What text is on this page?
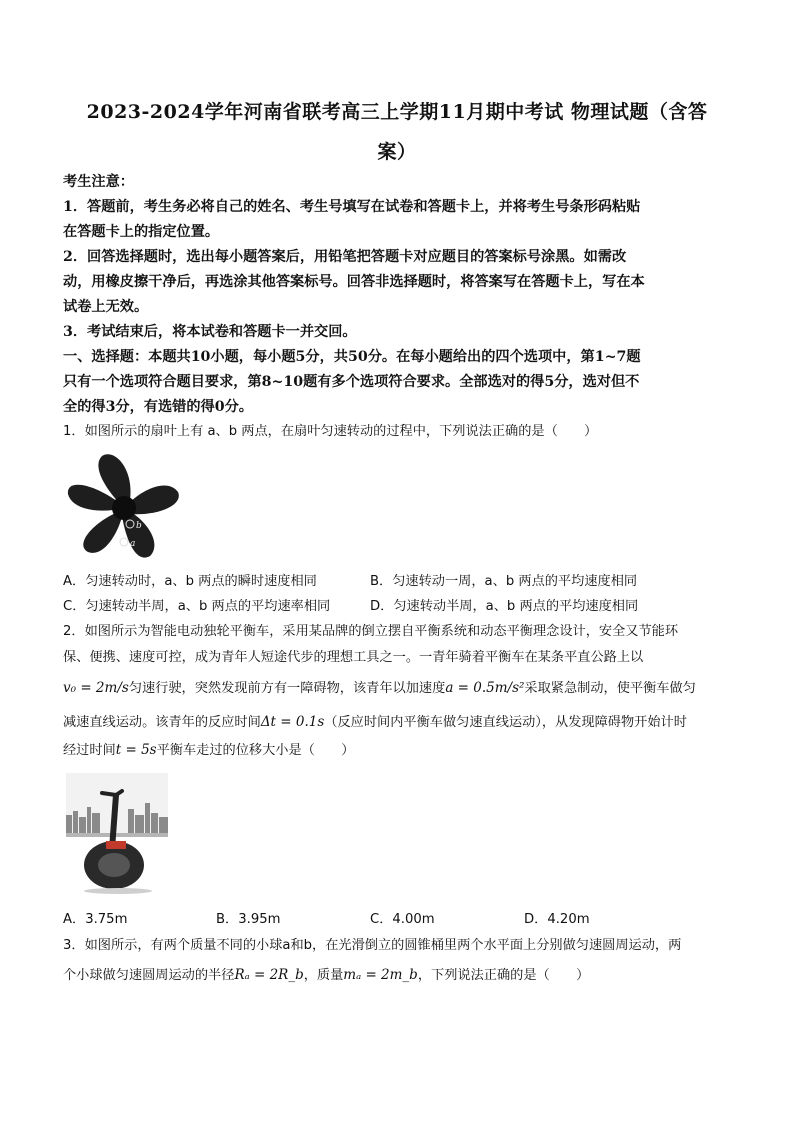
2023-2024学年河南省联考高三上学期11月期中考试 物理试题（含答
案）
考生注意：
1．答题前，考生务必将自己的姓名、考生号填写在试卷和答题卡上，并将考生号条形码粘贴
在答题卡上的指定位置。
2．回答选择题时，选出每小题答案后，用铅笔把答题卡对应题目的答案标号涂黑。如需改
动，用橡皮擦干净后，再选涂其他答案标号。回答非选择题时，将答案写在答题卡上，写在本
试卷上无效。
3．考试结束后，将本试卷和答题卡一并交回。
一、选择题：本题共10小题，每小题5分，共50分。在每小题给出的四个选项中，第1~7题
只有一个选项符合题目要求，第8~10题有多个选项符合要求。全部选对的得5分，选对但不
全的得3分，有选错的得0分。
1．如图所示的扇叶上有 a、b 两点，在扇叶匀速转动的过程中，下列说法正确的是（　　）
b
a
A．匀速转动时，a、b 两点的瞬时速度相同	B．匀速转动一周，a、b 两点的平均速度相同
C．匀速转动半周，a、b 两点的平均速率相同	D．匀速转动半周，a、b 两点的平均速度相同
2．如图所示为智能电动独轮平衡车，采用某品牌的倒立摆自平衡系统和动态平衡理念设计，安全又节能环
保、便携、速度可控，成为青年人短途代步的理想工具之一。一青年骑着平衡车在某条平直公路上以
v₀ = 2m/s匀速行驶，突然发现前方有一障碍物，该青年以加速度a = 0.5m/s²采取紧急制动，使平衡车做匀
减速直线运动。该青年的反应时间Δt = 0.1s（反应时间内平衡车做匀速直线运动），从发现障碍物开始计时
经过时间t = 5s平衡车走过的位移大小是（　　）
A．3.75m	B．3.95m	C．4.00m	D．4.20m
3．如图所示，有两个质量不同的小球a和b，在光滑倒立的圆锥桶里两个水平面上分别做匀速圆周运动，两
个小球做匀速圆周运动的半径Rₐ = 2R_b，质量mₐ = 2m_b，下列说法正确的是（　　）
